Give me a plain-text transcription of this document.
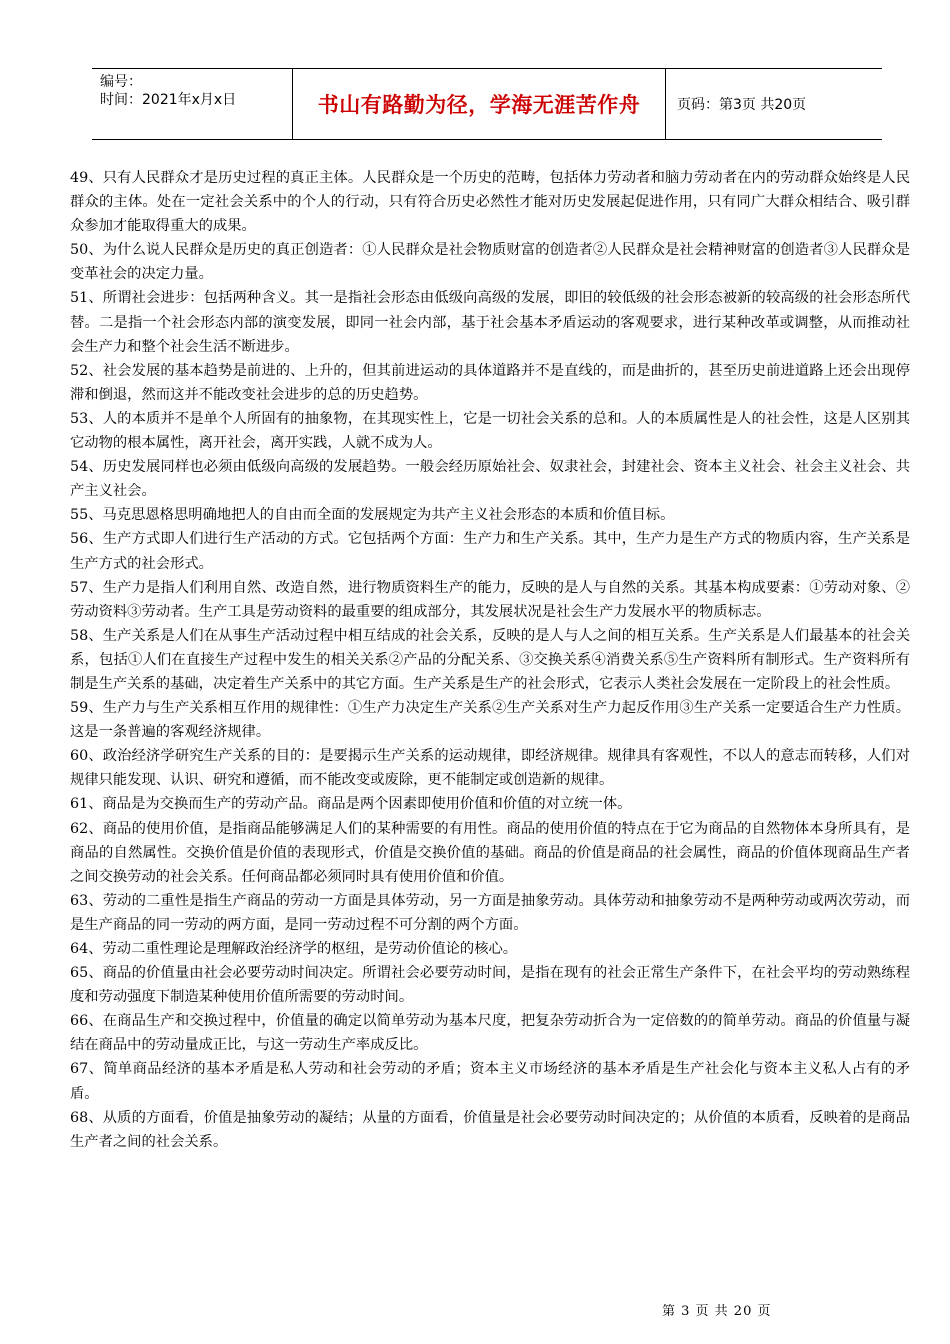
编号：
时间：2021年x月x日	书山有路勤为径，学海无涯苦作舟	页码：第3页 共20页

49、只有人民群众才是历史过程的真正主体。人民群众是一个历史的范畴，包括体力劳动者和脑力劳动者在内的劳动群众始终是人民群众的主体。处在一定社会关系中的个人的行动，只有符合历史必然性才能对历史发展起促进作用，只有同广大群众相结合、吸引群众参加才能取得重大的成果。

50、为什么说人民群众是历史的真正创造者：①人民群众是社会物质财富的创造者②人民群众是社会精神财富的创造者③人民群众是变革社会的决定力量。

51、所谓社会进步：包括两种含义。其一是指社会形态由低级向高级的发展，即旧的较低级的社会形态被新的较高级的社会形态所代替。二是指一个社会形态内部的演变发展，即同一社会内部，基于社会基本矛盾运动的客观要求，进行某种改革或调整，从而推动社会生产力和整个社会生活不断进步。

52、社会发展的基本趋势是前进的、上升的，但其前进运动的具体道路并不是直线的，而是曲折的，甚至历史前进道路上还会出现停滞和倒退，然而这并不能改变社会进步的总的历史趋势。

53、人的本质并不是单个人所固有的抽象物，在其现实性上，它是一切社会关系的总和。人的本质属性是人的社会性，这是人区别其它动物的根本属性，离开社会，离开实践，人就不成为人。

54、历史发展同样也必须由低级向高级的发展趋势。一般会经历原始社会、奴隶社会，封建社会、资本主义社会、社会主义社会、共产主义社会。

55、马克思恩格思明确地把人的自由而全面的发展规定为共产主义社会形态的本质和价值目标。

56、生产方式即人们进行生产活动的方式。它包括两个方面：生产力和生产关系。其中，生产力是生产方式的物质内容，生产关系是生产方式的社会形式。

57、生产力是指人们利用自然、改造自然，进行物质资料生产的能力，反映的是人与自然的关系。其基本构成要素：①劳动对象、②劳动资料③劳动者。生产工具是劳动资料的最重要的组成部分，其发展状况是社会生产力发展水平的物质标志。

58、生产关系是人们在从事生产活动过程中相互结成的社会关系，反映的是人与人之间的相互关系。生产关系是人们最基本的社会关系，包括①人们在直接生产过程中发生的相关关系②产品的分配关系、③交换关系④消费关系⑤生产资料所有制形式。生产资料所有制是生产关系的基础，决定着生产关系中的其它方面。生产关系是生产的社会形式，它表示人类社会发展在一定阶段上的社会性质。

59、生产力与生产关系相互作用的规律性：①生产力决定生产关系②生产关系对生产力起反作用③生产关系一定要适合生产力性质。这是一条普遍的客观经济规律。

60、政治经济学研究生产关系的目的：是要揭示生产关系的运动规律，即经济规律。规律具有客观性，不以人的意志而转移，人们对规律只能发现、认识、研究和遵循，而不能改变或废除，更不能制定或创造新的规律。

61、商品是为交换而生产的劳动产品。商品是两个因素即使用价值和价值的对立统一体。

62、商品的使用价值，是指商品能够满足人们的某种需要的有用性。商品的使用价值的特点在于它为商品的自然物体本身所具有，是商品的自然属性。交换价值是价值的表现形式，价值是交换价值的基础。商品的价值是商品的社会属性，商品的价值体现商品生产者之间交换劳动的社会关系。任何商品都必须同时具有使用价值和价值。

63、劳动的二重性是指生产商品的劳动一方面是具体劳动，另一方面是抽象劳动。具体劳动和抽象劳动不是两种劳动或两次劳动，而是生产商品的同一劳动的两方面，是同一劳动过程不可分割的两个方面。

64、劳动二重性理论是理解政治经济学的枢纽，是劳动价值论的核心。

65、商品的价值量由社会必要劳动时间决定。所谓社会必要劳动时间，是指在现有的社会正常生产条件下，在社会平均的劳动熟练程度和劳动强度下制造某种使用价值所需要的劳动时间。

66、在商品生产和交换过程中，价值量的确定以简单劳动为基本尺度，把复杂劳动折合为一定倍数的的简单劳动。商品的价值量与凝结在商品中的劳动量成正比，与这一劳动生产率成反比。

67、简单商品经济的基本矛盾是私人劳动和社会劳动的矛盾；资本主义市场经济的基本矛盾是生产社会化与资本主义私人占有的矛盾。

68、从质的方面看，价值是抽象劳动的凝结；从量的方面看，价值量是社会必要劳动时间决定的；从价值的本质看，反映着的是商品生产者之间的社会关系。

第 3 页 共 20 页
